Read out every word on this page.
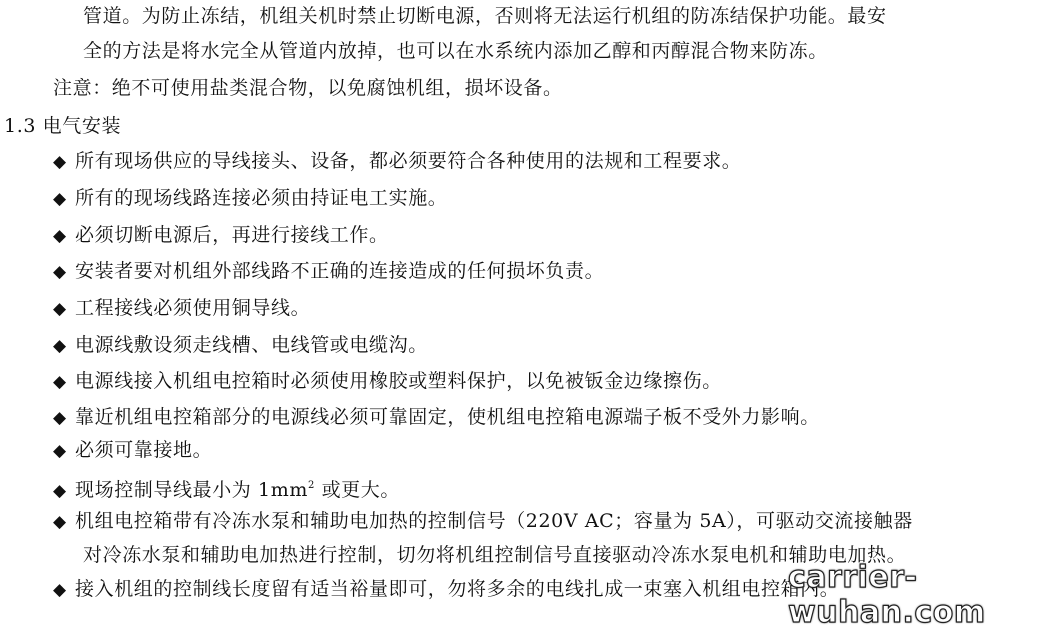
管道。为防止冻结，机组关机时禁止切断电源，否则将无法运行机组的防冻结保护功能。最安
全的方法是将水完全从管道内放掉，也可以在水系统内添加乙醇和丙醇混合物来防冻。
注意：绝不可使用盐类混合物，以免腐蚀机组，损坏设备。
1.3 电气安装
◆ 所有现场供应的导线接头、设备，都必须要符合各种使用的法规和工程要求。
◆ 所有的现场线路连接必须由持证电工实施。
◆ 必须切断电源后，再进行接线工作。
◆ 安装者要对机组外部线路不正确的连接造成的任何损坏负责。
◆ 工程接线必须使用铜导线。
◆ 电源线敷设须走线槽、电线管或电缆沟。
◆ 电源线接入机组电控箱时必须使用橡胶或塑料保护，以免被钣金边缘擦伤。
◆ 靠近机组电控箱部分的电源线必须可靠固定，使机组电控箱电源端子板不受外力影响。
◆ 必须可靠接地。
◆ 现场控制导线最小为 $1mm^2$ 或更大。
◆ 机组电控箱带有冷冻水泵和辅助电加热的控制信号（220V AC；容量为 5A），可驱动交流接触器
对冷冻水泵和辅助电加热进行控制，切勿将机组控制信号直接驱动冷冻水泵电机和辅助电加热。
◆ 接入机组的控制线长度留有适当裕量即可，勿将多余的电线扎成一束塞入机组电控箱内。
carrier-wuhan.com
